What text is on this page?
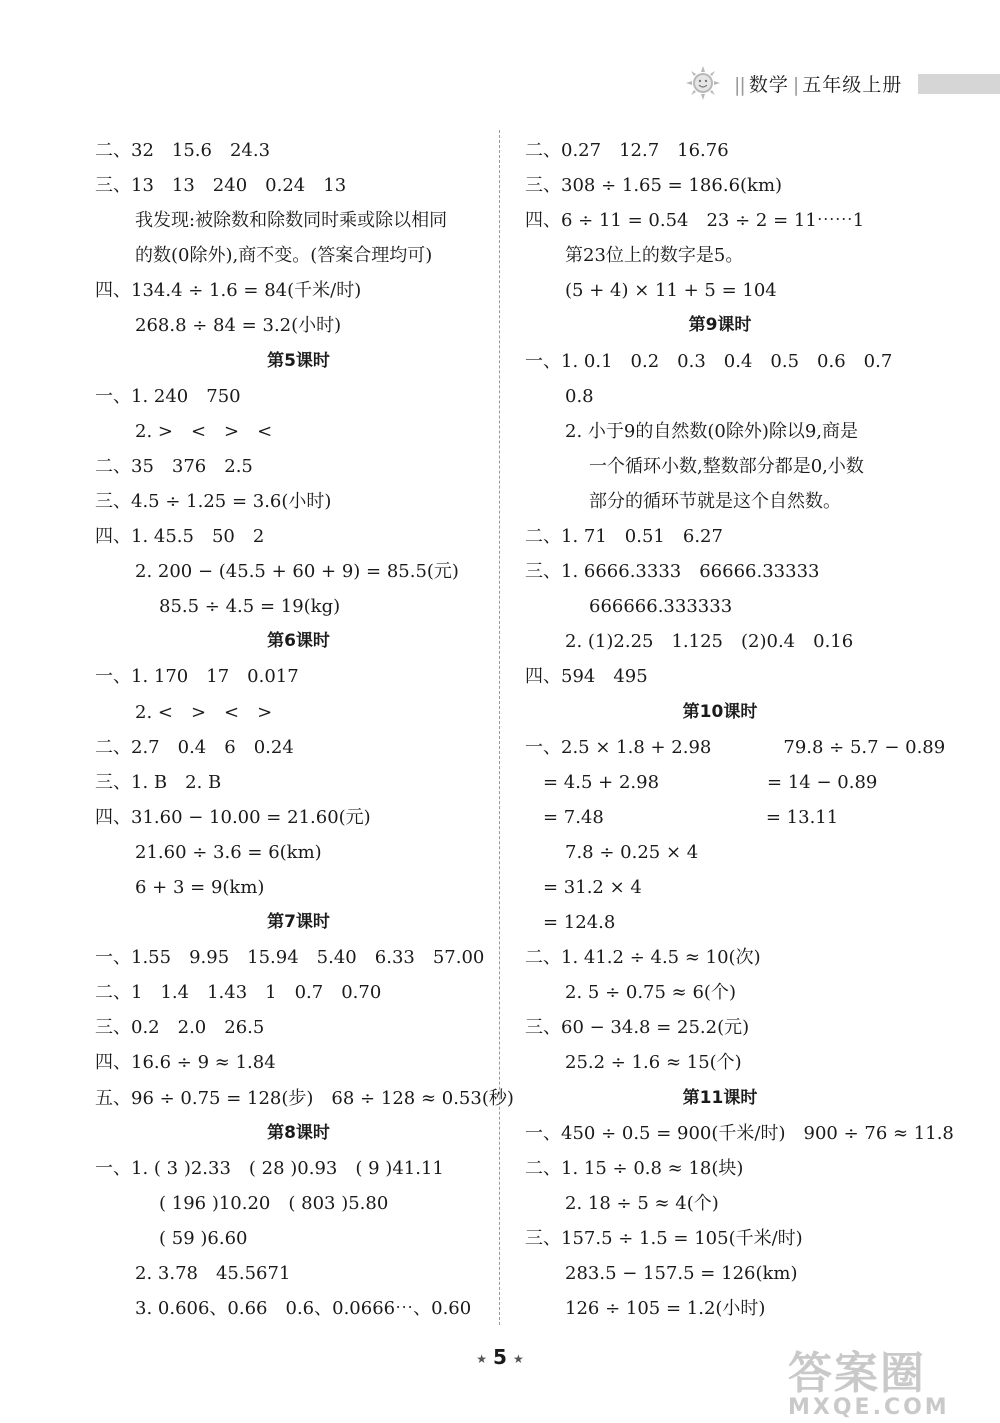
|| 数学 | 五年级上册
二、32　15.6　24.3
三、13　13　240　0.24　13
我发现:被除数和除数同时乘或除以相同
的数(0除外),商不变。(答案合理均可)
四、134.4 ÷ 1.6 = 84(千米/时)
268.8 ÷ 84 = 3.2(小时)
第5课时
一、1. 240　750
2. >　<　>　<
二、35　376　2.5
三、4.5 ÷ 1.25 = 3.6(小时)
四、1. 45.5　50　2
2. 200 − (45.5 + 60 + 9) = 85.5(元)
85.5 ÷ 4.5 = 19(kg)
第6课时
一、1. 170　17　0.017
2. <　>　<　>
二、2.7　0.4　6　0.24
三、1. B　2. B
四、31.60 − 10.00 = 21.60(元)
21.60 ÷ 3.6 = 6(km)
6 + 3 = 9(km)
第7课时
一、1.55　9.95　15.94　5.40　6.33　57.00
二、1　1.4　1.43　1　0.7　0.70
三、0.2　2.0　26.5
四、16.6 ÷ 9 ≈ 1.84
五、96 ÷ 0.75 = 128(步)　68 ÷ 128 ≈ 0.53(秒)
第8课时
一、1. ( 3 )2.33　( 28 )0.93　( 9 )41.11
( 196 )10.20　( 803 )5.80
( 59 )6.60
2. 3.78　45.5671
3. 0.606、0.66　0.6、0.0666⋯、0.60
二、0.27　12.7　16.76
三、308 ÷ 1.65 = 186.6(km)
四、6 ÷ 11 = 0.54　23 ÷ 2 = 11⋯⋯1
第23位上的数字是5。
(5 + 4) × 11 + 5 = 104
第9课时
一、1. 0.1　0.2　0.3　0.4　0.5　0.6　0.7
0.8
2. 小于9的自然数(0除外)除以9,商是
一个循环小数,整数部分都是0,小数
部分的循环节就是这个自然数。
二、1. 71　0.51　6.27
三、1. 6666.3333　66666.33333
666666.333333
2. (1)2.25　1.125　(2)0.4　0.16
四、594　495
第10课时
一、2.5 × 1.8 + 2.98　　　　79.8 ÷ 5.7 − 0.89
= 4.5 + 2.98　　　　　　= 14 − 0.89
= 7.48　　　　　　　　　= 13.11
7.8 ÷ 0.25 × 4
= 31.2 × 4
= 124.8
二、1. 41.2 ÷ 4.5 ≈ 10(次)
2. 5 ÷ 0.75 ≈ 6(个)
三、60 − 34.8 = 25.2(元)
25.2 ÷ 1.6 ≈ 15(个)
第11课时
一、450 ÷ 0.5 = 900(千米/时)　900 ÷ 76 ≈ 11.8
二、1. 15 ÷ 0.8 ≈ 18(块)
2. 18 ÷ 5 ≈ 4(个)
三、157.5 ÷ 1.5 = 105(千米/时)
283.5 − 157.5 = 126(km)
126 ÷ 105 = 1.2(小时)
★ 5 ★	答案圈
MXQE.COM
